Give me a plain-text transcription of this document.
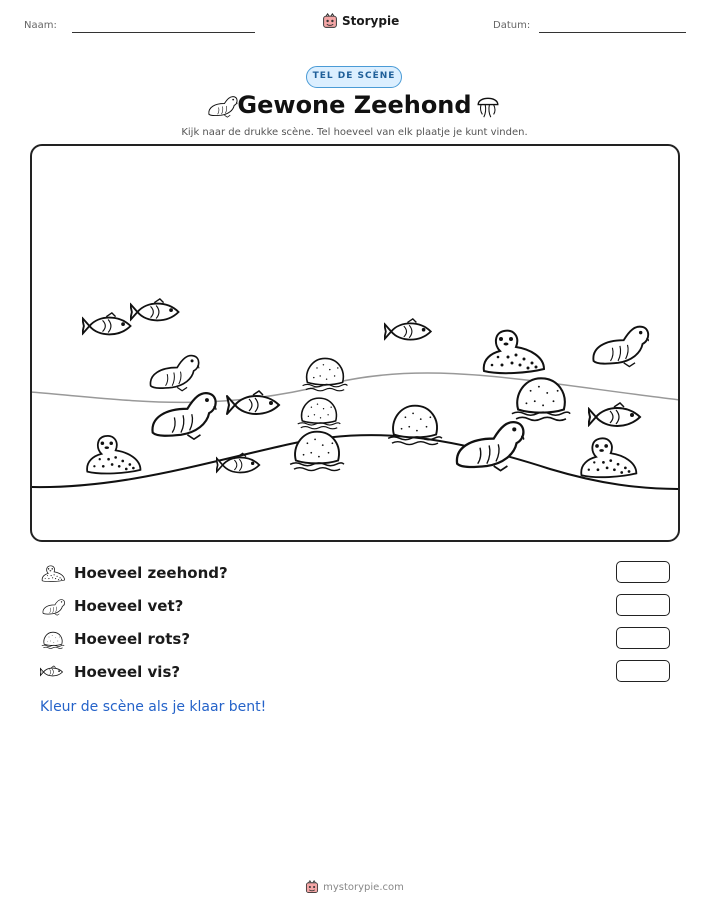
Naam:	Storypie	Datum:
TEL DE SCÈNE
Gewone Zeehond
Kijk naar de drukke scène. Tel hoeveel van elk plaatje je kunt vinden.
Hoeveel zeehond?
Hoeveel vet?
Hoeveel rots?
Hoeveel vis?
Kleur de scène als je klaar bent!
mystorypie.com
